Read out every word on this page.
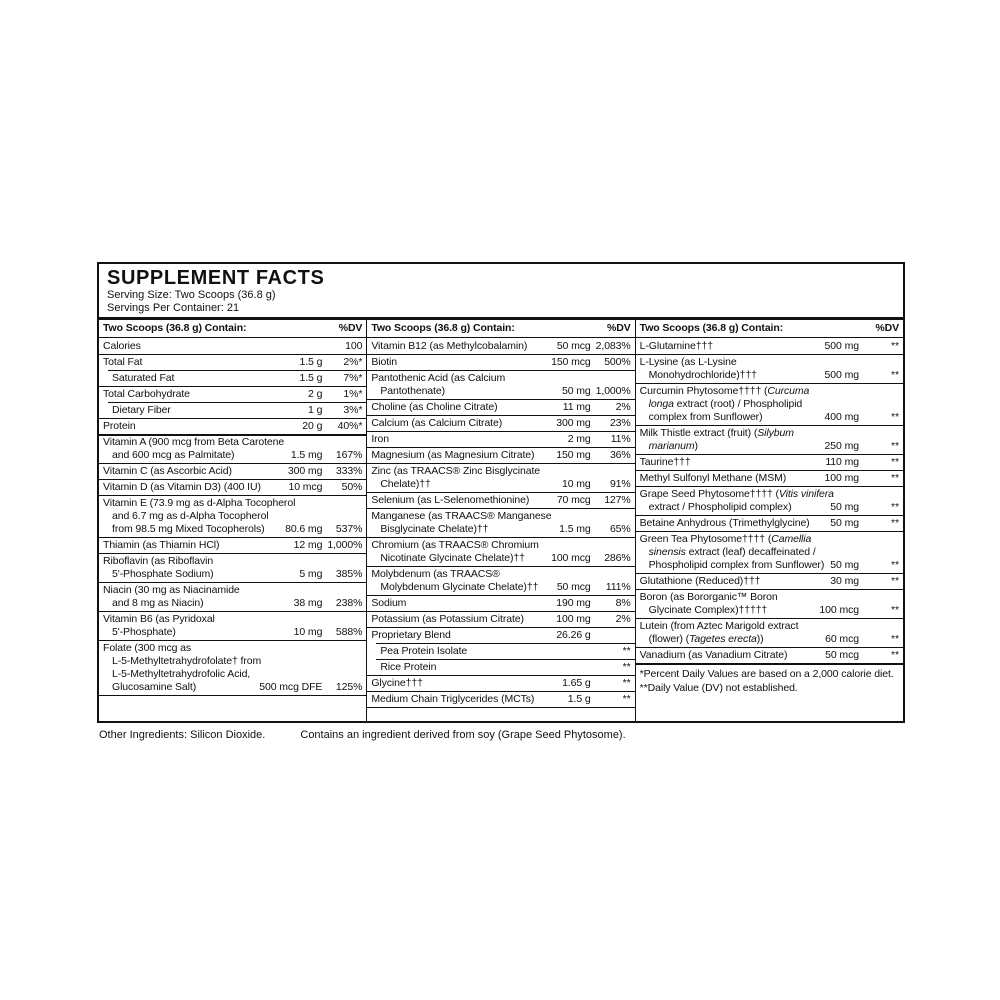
SUPPLEMENT FACTS
Serving Size: Two Scoops (36.8 g)
Servings Per Container: 21
Two Scoops (36.8 g) Contain:	%DV
Calories	100
Total Fat	1.5 g	2%*
Saturated Fat	1.5 g	7%*
Total Carbohydrate	2 g	1%*
Dietary Fiber	1 g	3%*
Protein	20 g	40%*
Vitamin A (900 mcg from Beta Carotene
and 600 mcg as Palmitate)	1.5 mg	167%
Vitamin C (as Ascorbic Acid)	300 mg	333%
Vitamin D (as Vitamin D3) (400 IU)	10 mcg	50%
Vitamin E (73.9 mg as d-Alpha Tocopherol
and 6.7 mg as d-Alpha Tocopherol
from 98.5 mg Mixed Tocopherols)	80.6 mg	537%
Thiamin (as Thiamin HCl)	12 mg 1,000%
Riboflavin (as Riboflavin
5'-Phosphate Sodium)	5 mg	385%
Niacin (30 mg as Niacinamide
and 8 mg as Niacin)	38 mg	238%
Vitamin B6 (as Pyridoxal
5'-Phosphate)	10 mg	588%
Folate (300 mcg as
L-5-Methyltetrahydrofolate† from
L-5-Methyltetrahydrofolic Acid,
Glucosamine Salt)	500 mcg DFE	125%
Two Scoops (36.8 g) Contain:	%DV
Vitamin B12 (as Methylcobalamin)	50 mcg 2,083%
Biotin	150 mcg	500%
Pantothenic Acid (as Calcium
Pantothenate)	50 mg 1,000%
Choline (as Choline Citrate)	11 mg	2%
Calcium (as Calcium Citrate)	300 mg	23%
Iron	2 mg	11%
Magnesium (as Magnesium Citrate)	150 mg	36%
Zinc (as TRAACS® Zinc Bisglycinate
Chelate)††	10 mg	91%
Selenium (as L-Selenomethionine)	70 mcg	127%
Manganese (as TRAACS® Manganese
Bisglycinate Chelate)††	1.5 mg	65%
Chromium (as TRAACS® Chromium
Nicotinate Glycinate Chelate)††	100 mcg	286%
Molybdenum (as TRAACS®
Molybdenum Glycinate Chelate)††	50 mcg	111%
Sodium	190 mg	8%
Potassium (as Potassium Citrate)	100 mg	2%
Proprietary Blend	26.26 g
Pea Protein Isolate	**
Rice Protein	**
Glycine†††	1.65 g	**
Medium Chain Triglycerides (MCTs)	1.5 g	**
Two Scoops (36.8 g) Contain:	%DV
L-Glutamine†††	500 mg	**
L-Lysine (as L-Lysine
Monohydrochloride)†††	500 mg	**
Curcumin Phytosome†††† (Curcuma
longa extract (root) / Phospholipid
complex from Sunflower)	400 mg	**
Milk Thistle extract (fruit) (Silybum
marianum)	250 mg	**
Taurine†††	110 mg	**
Methyl Sulfonyl Methane (MSM)	100 mg	**
Grape Seed Phytosome†††† (Vitis vinifera
extract / Phospholipid complex)	50 mg	**
Betaine Anhydrous (Trimethylglycine)	50 mg	**
Green Tea Phytosome†††† (Camellia
sinensis extract (leaf) decaffeinated /
Phospholipid complex from Sunflower) 50 mg	**
Glutathione (Reduced)†††	30 mg	**
Boron (as Bororganic™ Boron
Glycinate Complex)†††††	100 mcg	**
Lutein (from Aztec Marigold extract
(flower) (Tagetes erecta))	60 mcg	**
Vanadium (as Vanadium Citrate)	50 mcg	**
*Percent Daily Values are based on a 2,000 calorie diet.
**Daily Value (DV) not established.
Other Ingredients: Silicon Dioxide.	Contains an ingredient derived from soy (Grape Seed Phytosome).
